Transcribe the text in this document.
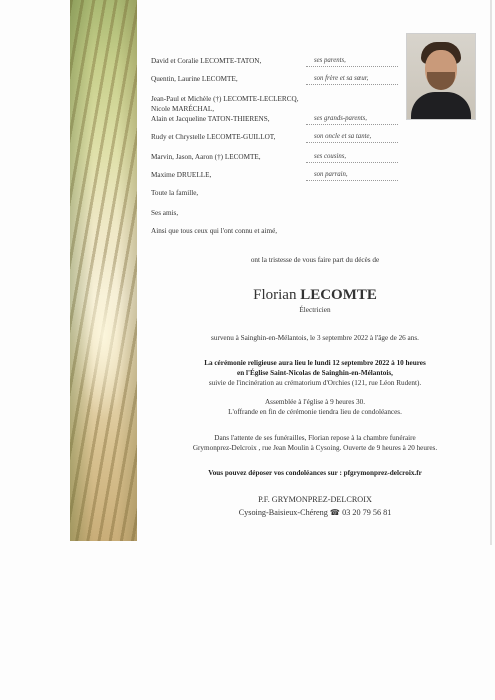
David et Coralie LECOMTE-TATON,	ses parents,
Quentin, Laurine LECOMTE,	son frère et sa sœur,
Jean-Paul et Michèle (†) LECOMTE-LECLERCQ,
Nicole MARÉCHAL,
Alain et Jacqueline TATON-THIERENS,	ses grands-parents,
Rudy et Chrystelle LECOMTE-GUILLOT,	son oncle et sa tante,
Marvin, Jason, Aaron (†) LECOMTE,	ses cousins,
Maxime DRUELLE,	son parrain,
Toute la famille,
Ses amis,
Ainsi que tous ceux qui l'ont connu et aimé,
ont la tristesse de vous faire part du décès de
Florian LECOMTE
Électricien
survenu à Sainghin-en-Mélantois, le 3 septembre 2022 à l'âge de 26 ans.
La cérémonie religieuse aura lieu le lundi 12 septembre 2022 à 10 heures
en l'Église Saint-Nicolas de Sainghin-en-Mélantois,
suivie de l'incinération au crématorium d'Orchies (121, rue Léon Rudent).
Assemblée à l'église à 9 heures 30.
L'offrande en fin de cérémonie tiendra lieu de condoléances.
Dans l'attente de ses funérailles, Florian repose à la chambre funéraire
Grymonprez-Delcroix , rue Jean Moulin à Cysoing. Ouverte de 9 heures à 20 heures.
Vous pouvez déposer vos condoléances sur : pfgrymonprez-delcroix.fr
P.F. GRYMONPREZ-DELCROIX
Cysoing-Baisieux-Chéreng ☎ 03 20 79 56 81
